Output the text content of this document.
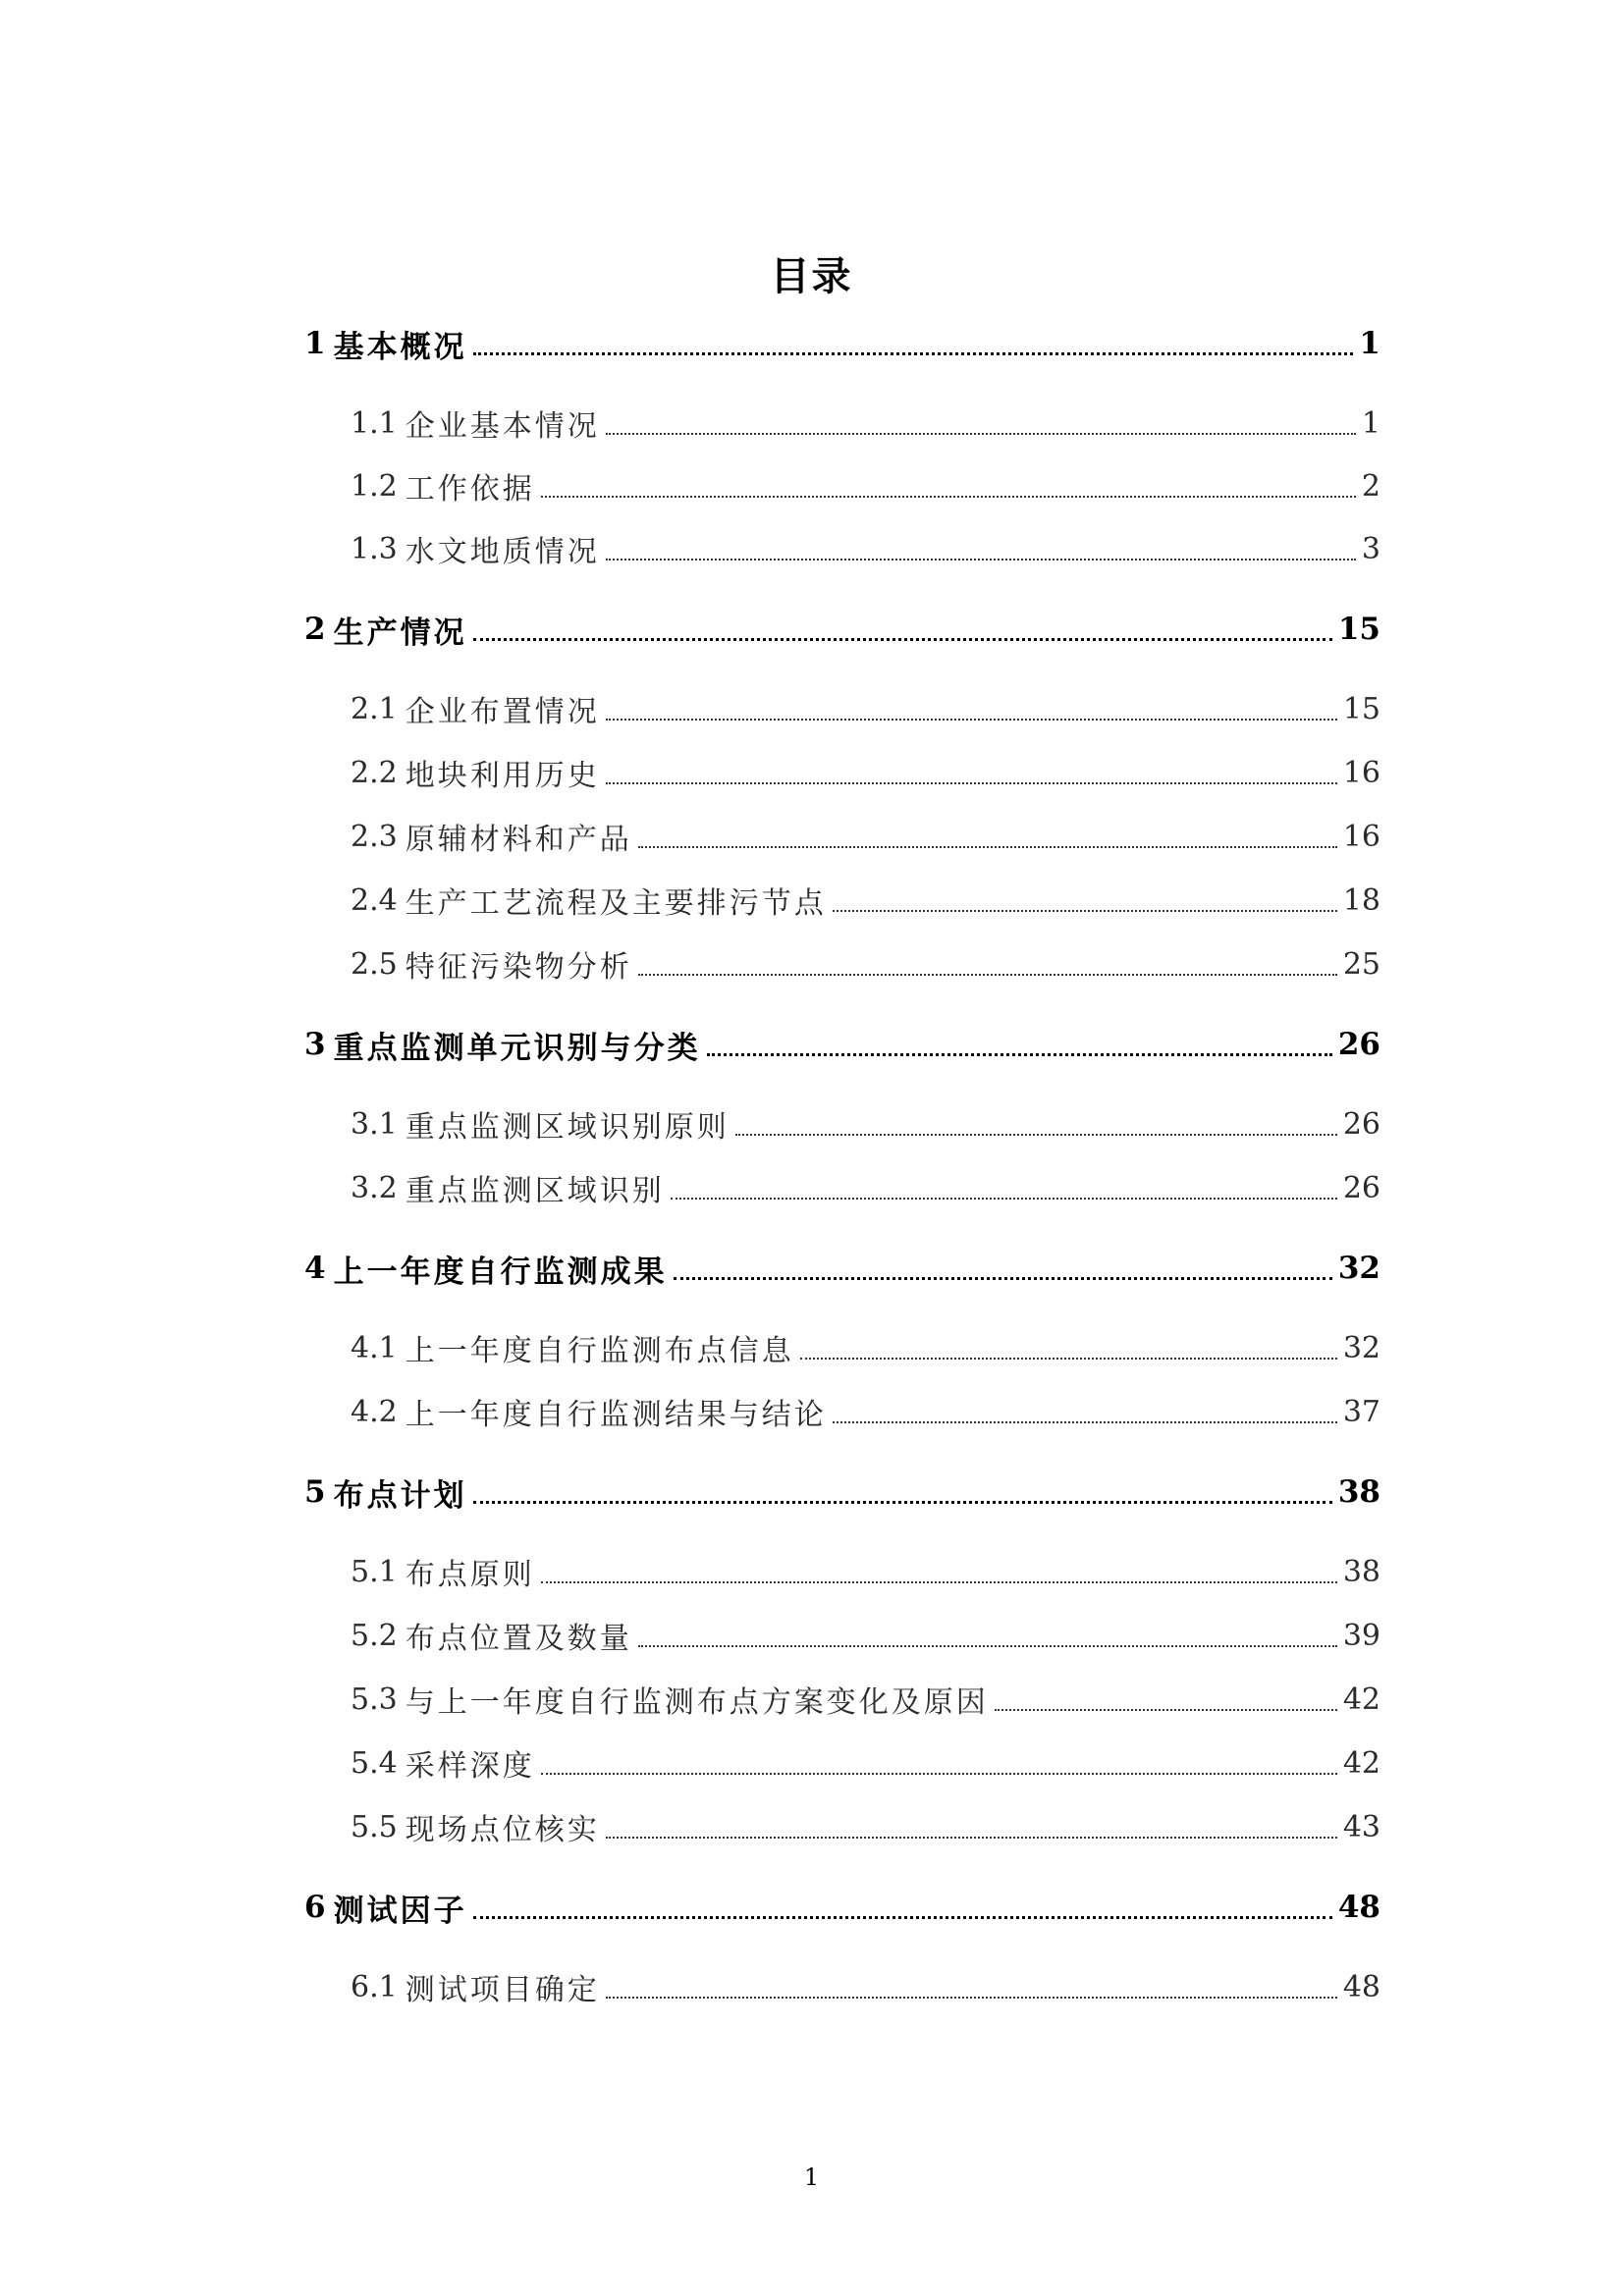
目录
1 基本概况	1
1.1 企业基本情况	1
1.2 工作依据	2
1.3 水文地质情况	3
2 生产情况	15
2.1 企业布置情况	15
2.2 地块利用历史	16
2.3 原辅材料和产品	16
2.4 生产工艺流程及主要排污节点	18
2.5 特征污染物分析	25
3 重点监测单元识别与分类	26
3.1 重点监测区域识别原则	26
3.2 重点监测区域识别	26
4 上一年度自行监测成果	32
4.1 上一年度自行监测布点信息	32
4.2 上一年度自行监测结果与结论	37
5 布点计划	38
5.1 布点原则	38
5.2 布点位置及数量	39
5.3 与上一年度自行监测布点方案变化及原因	42
5.4 采样深度	42
5.5 现场点位核实	43
6 测试因子	48
6.1 测试项目确定	48
1
